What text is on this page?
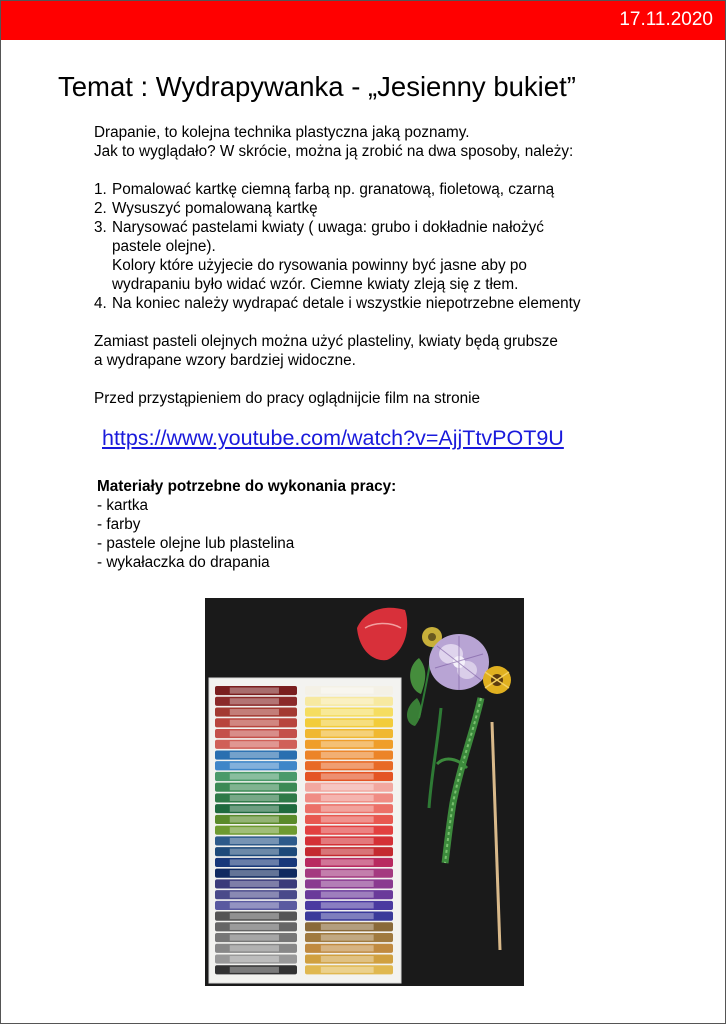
17.11.2020
Temat : Wydrapywanka - „Jesienny bukiet”

Drapanie, to kolejna technika plastyczna jaką poznamy.

Jak to wyglądało? W skrócie, można ją zrobić na dwa sposoby, należy:

1. Pomalować kartkę ciemną farbą np. granatową, fioletową, czarną
2. Wysuszyć pomalowaną kartkę
3. Narysować pastelami kwiaty ( uwaga: grubo i dokładnie nałożyć
pastele olejne).
Kolory które użyjecie do rysowania powinny być jasne aby po
wydrapaniu było widać wzór. Ciemne kwiaty zleją się z tłem.
4. Na koniec należy wydrapać detale i wszystkie niepotrzebne elementy

Zamiast pasteli olejnych można użyć plasteliny, kwiaty będą grubsze

a wydrapane wzory bardziej widoczne.

Przed przystąpieniem do pracy oglądnijcie film na stronie

https://www.youtube.com/watch?v=AjjTtvPOT9U
Materiały potrzebne do wykonania pracy:
- kartka
- farby
- pastele olejne lub plastelina
- wykałaczka do drapania
